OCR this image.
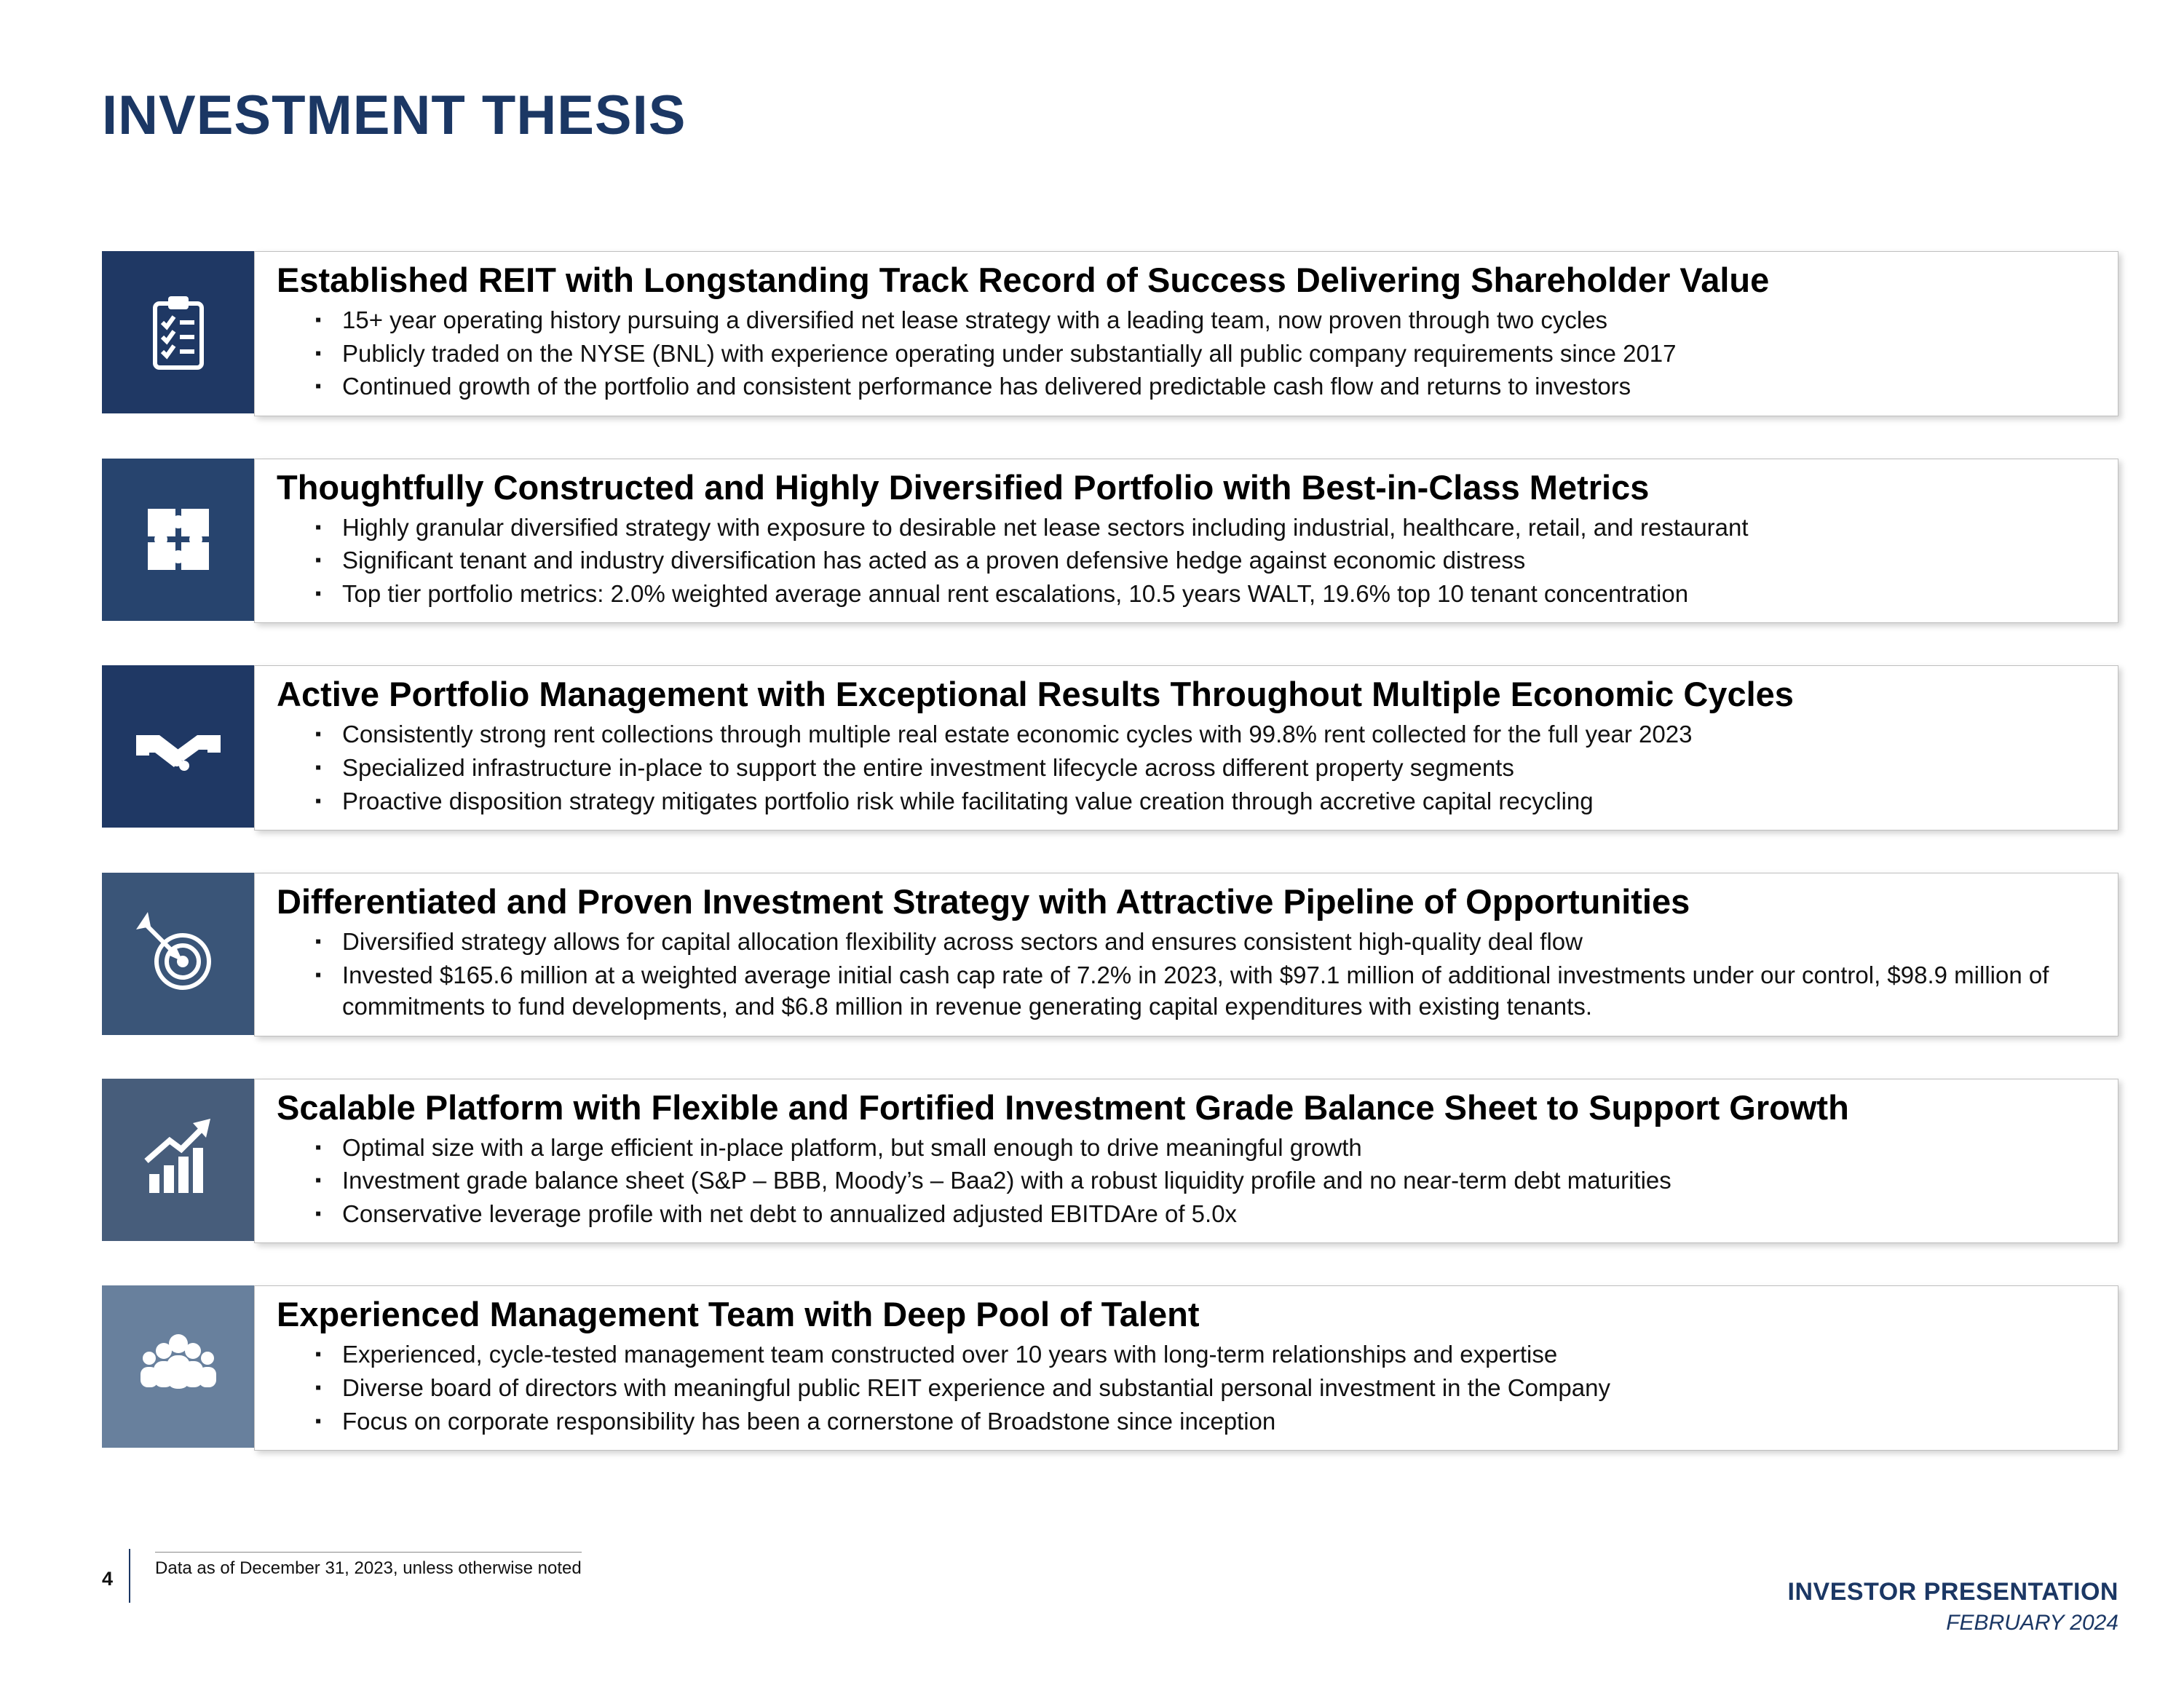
INVESTMENT THESIS
Established REIT with Longstanding Track Record of Success Delivering Shareholder Value
▪ 15+ year operating history pursuing a diversified net lease strategy with a leading team, now proven through two cycles
▪ Publicly traded on the NYSE (BNL) with experience operating under substantially all public company requirements since 2017
▪ Continued growth of the portfolio and consistent performance has delivered predictable cash flow and returns to investors
Thoughtfully Constructed and Highly Diversified Portfolio with Best-in-Class Metrics
▪ Highly granular diversified strategy with exposure to desirable net lease sectors including industrial, healthcare, retail, and restaurant
▪ Significant tenant and industry diversification has acted as a proven defensive hedge against economic distress
▪ Top tier portfolio metrics: 2.0% weighted average annual rent escalations, 10.5 years WALT, 19.6% top 10 tenant concentration
Active Portfolio Management with Exceptional Results Throughout Multiple Economic Cycles
▪ Consistently strong rent collections through multiple real estate economic cycles with 99.8% rent collected for the full year 2023
▪ Specialized infrastructure in-place to support the entire investment lifecycle across different property segments
▪ Proactive disposition strategy mitigates portfolio risk while facilitating value creation through accretive capital recycling
Differentiated and Proven Investment Strategy with Attractive Pipeline of Opportunities
▪ Diversified strategy allows for capital allocation flexibility across sectors and ensures consistent high-quality deal flow
▪ Invested $165.6 million at a weighted average initial cash cap rate of 7.2% in 2023, with $97.1 million of additional investments under our control, $98.9 million of commitments to fund developments, and $6.8 million in revenue generating capital expenditures with existing tenants.
Scalable Platform with Flexible and Fortified Investment Grade Balance Sheet to Support Growth
▪ Optimal size with a large efficient in-place platform, but small enough to drive meaningful growth
▪ Investment grade balance sheet (S&P – BBB, Moody’s – Baa2) with a robust liquidity profile and no near-term debt maturities
▪ Conservative leverage profile with net debt to annualized adjusted EBITDAre of 5.0x
Experienced Management Team with Deep Pool of Talent
▪ Experienced, cycle-tested management team constructed over 10 years with long-term relationships and expertise
▪ Diverse board of directors with meaningful public REIT experience and substantial personal investment in the Company
▪ Focus on corporate responsibility has been a cornerstone of Broadstone since inception
4	Data as of December 31, 2023, unless otherwise noted
INVESTOR PRESENTATION
FEBRUARY 2024
